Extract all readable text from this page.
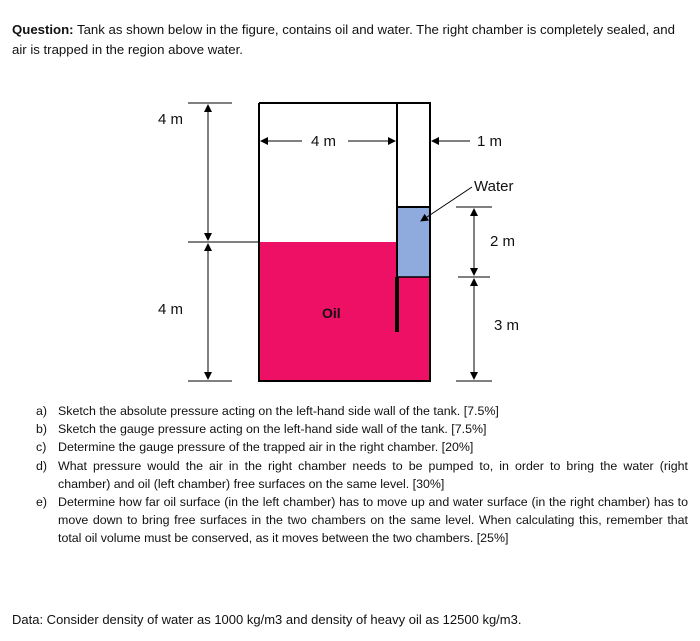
Question: Tank as shown below in the figure, contains oil and water. The right chamber is completely sealed, and air is trapped in the region above water.
4 m
4 m
4 m	1 m
Water
2 m
3 m
Oil
a) Sketch the absolute pressure acting on the left-hand side wall of the tank. [7.5%]
b) Sketch the gauge pressure acting on the left-hand side wall of the tank. [7.5%]
c) Determine the gauge pressure of the trapped air in the right chamber. [20%]
d) What pressure would the air in the right chamber needs to be pumped to, in order to bring the water (right chamber) and oil (left chamber) free surfaces on the same level. [30%]
e) Determine how far oil surface (in the left chamber) has to move up and water surface (in the right chamber) has to move down to bring free surfaces in the two chambers on the same level. When calculating this, remember that total oil volume must be conserved, as it moves between the two chambers. [25%]
Data: Consider density of water as 1000 kg/m3 and density of heavy oil as 12500 kg/m3.
